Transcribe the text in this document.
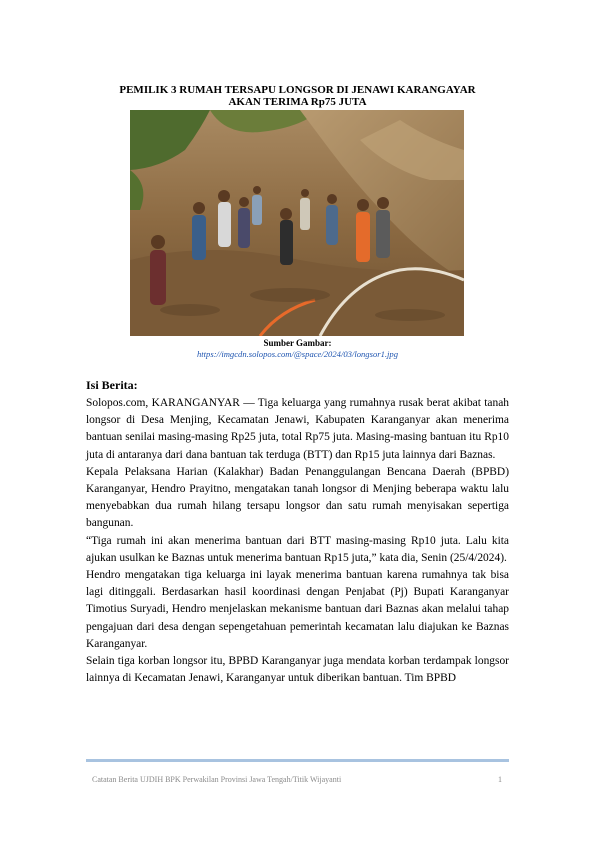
PEMILIK 3 RUMAH TERSAPU LONGSOR DI JENAWI KARANGAYAR
AKAN TERIMA Rp75 JUTA
Sumber Gambar:
https://imgcdn.solopos.com/@space/2024/03/longsor1.jpg
Isi Berita:

Solopos.com, KARANGANYAR — Tiga keluarga yang rumahnya rusak berat akibat tanah longsor di Desa Menjing, Kecamatan Jenawi, Kabupaten Karanganyar akan menerima bantuan senilai masing-masing Rp25 juta, total Rp75 juta. Masing-masing bantuan itu Rp10 juta di antaranya dari dana bantuan tak terduga (BTT) dan Rp15 juta lainnya dari Baznas.

Kepala Pelaksana Harian (Kalakhar) Badan Penanggulangan Bencana Daerah (BPBD) Karanganyar, Hendro Prayitno, mengatakan tanah longsor di Menjing beberapa waktu lalu menyebabkan dua rumah hilang tersapu longsor dan satu rumah menyisakan sepertiga bangunan.

“Tiga rumah ini akan menerima bantuan dari BTT masing-masing Rp10 juta. Lalu kita ajukan usulkan ke Baznas untuk menerima bantuan Rp15 juta,” kata dia, Senin (25/4/2024).

Hendro mengatakan tiga keluarga ini layak menerima bantuan karena rumahnya tak bisa lagi ditinggali. Berdasarkan hasil koordinasi dengan Penjabat (Pj) Bupati Karanganyar Timotius Suryadi, Hendro menjelaskan mekanisme bantuan dari Baznas akan melalui tahap pengajuan dari desa dengan sepengetahuan pemerintah kecamatan lalu diajukan ke Baznas Karanganyar.

Selain tiga korban longsor itu, BPBD Karanganyar juga mendata korban terdampak longsor lainnya di Kecamatan Jenawi, Karanganyar untuk diberikan bantuan. Tim BPBD

Catatan Berita UJDIH BPK Perwakilan Provinsi Jawa Tengah/Titik Wijayanti	1
